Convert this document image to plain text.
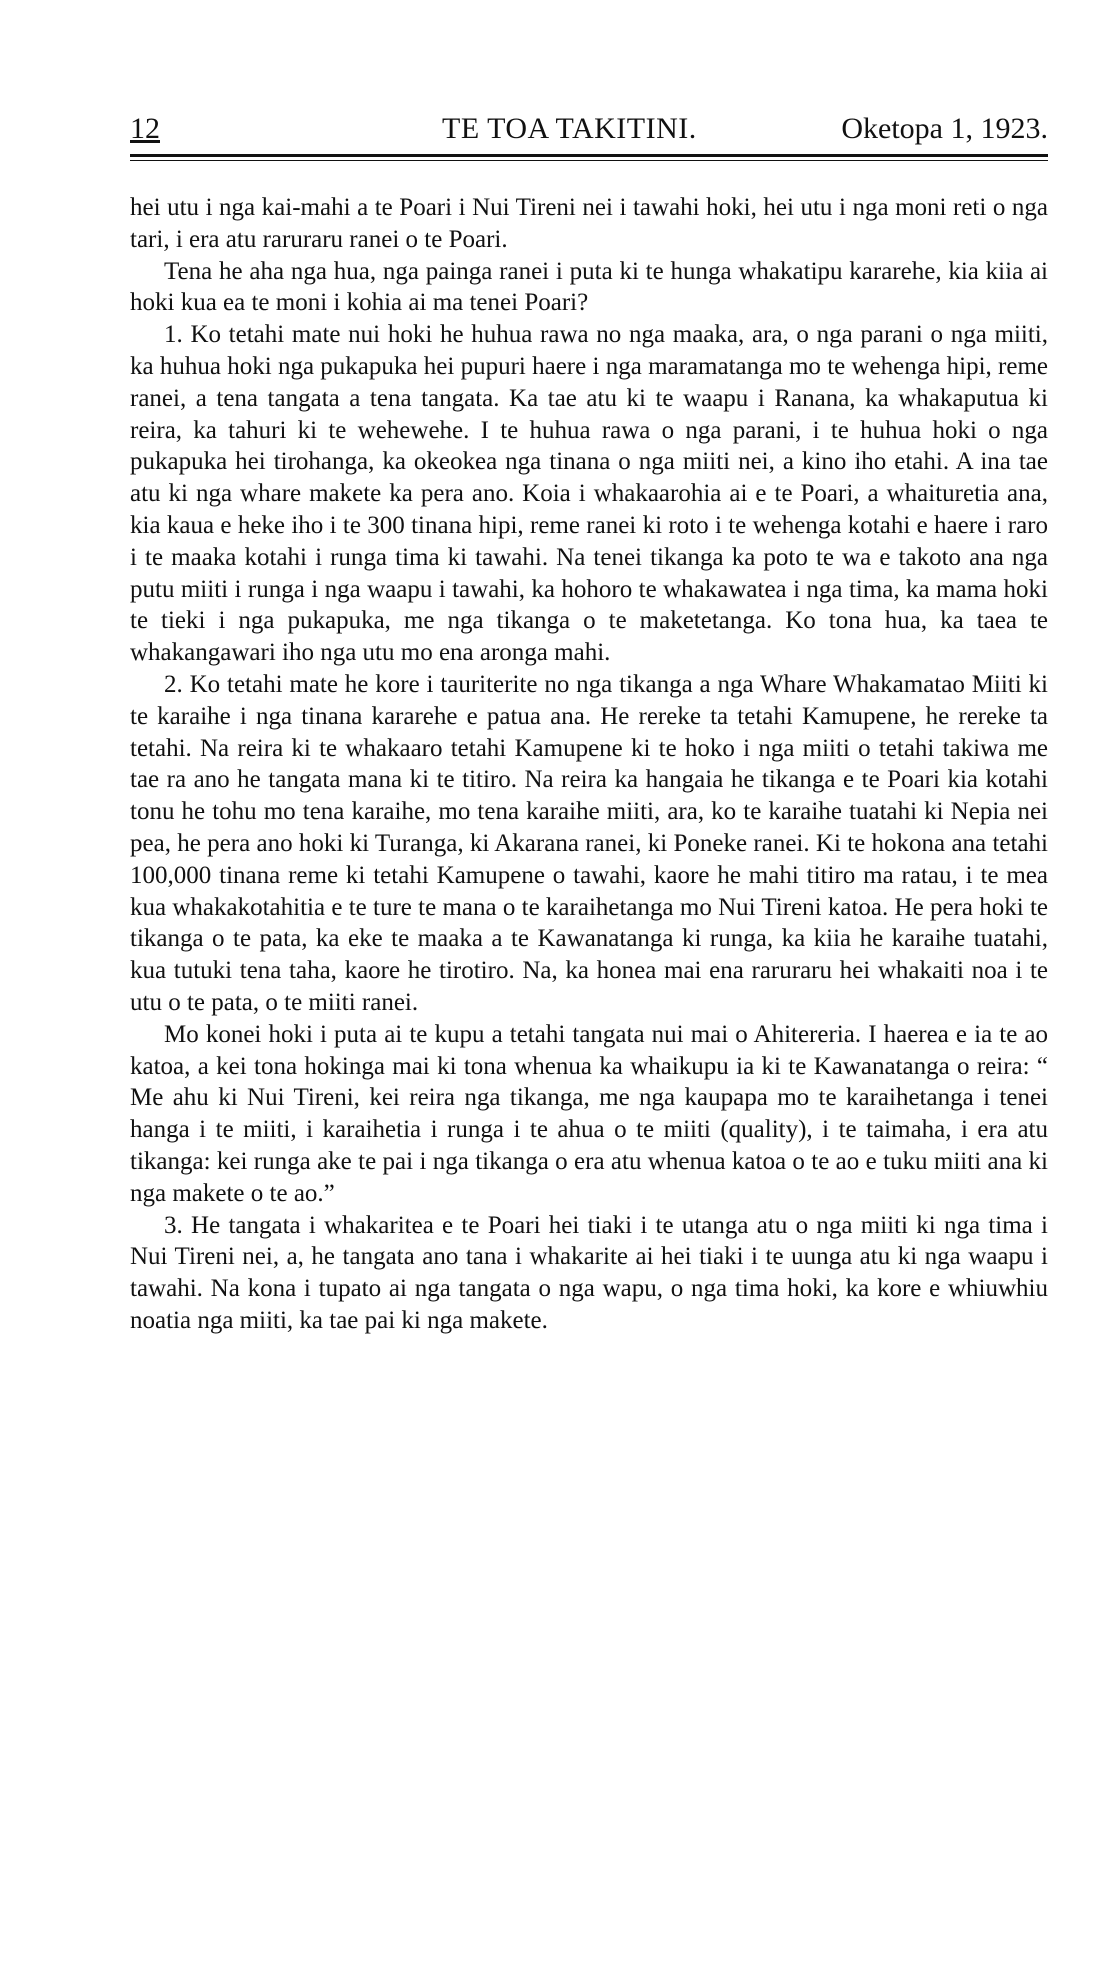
12	TE TOA TAKITINI.	Oketopa 1, 1923.

hei utu i nga kai-mahi a te Poari i Nui Tireni nei i tawahi hoki, hei utu i nga moni reti o nga tari, i era atu raruraru ranei o te Poari.

Tena he aha nga hua, nga painga ranei i puta ki te hunga whakatipu kararehe, kia kiia ai hoki kua ea te moni i kohia ai ma tenei Poari?

1. Ko tetahi mate nui hoki he huhua rawa no nga maaka, ara, o nga parani o nga miiti, ka huhua hoki nga pukapuka hei pupuri haere i nga maramatanga mo te wehenga hipi, reme ranei, a tena tangata a tena tangata. Ka tae atu ki te waapu i Ranana, ka whakaputua ki reira, ka tahuri ki te wehewehe. I te huhua rawa o nga parani, i te huhua hoki o nga pukapuka hei tirohanga, ka okeokea nga tinana o nga miiti nei, a kino iho etahi. A ina tae atu ki nga whare makete ka pera ano. Koia i whakaarohia ai e te Poari, a whaituretia ana, kia kaua e heke iho i te 300 tinana hipi, reme ranei ki roto i te wehenga kotahi e haere i raro i te maaka kotahi i runga tima ki tawahi. Na tenei tikanga ka poto te wa e takoto ana nga putu miiti i runga i nga waapu i tawahi, ka hohoro te whakawatea i nga tima, ka mama hoki te tieki i nga pukapuka, me nga tikanga o te maketetanga. Ko tona hua, ka taea te whakangawari iho nga utu mo ena aronga mahi.

2. Ko tetahi mate he kore i tauriterite no nga tikanga a nga Whare Whakamatao Miiti ki te karaihe i nga tinana kararehe e patua ana. He rereke ta tetahi Kamupene, he rereke ta tetahi. Na reira ki te whakaaro tetahi Kamupene ki te hoko i nga miiti o tetahi takiwa me tae ra ano he tangata mana ki te titiro. Na reira ka hangaia he tikanga e te Poari kia kotahi tonu he tohu mo tena karaihe, mo tena karaihe miiti, ara, ko te karaihe tuatahi ki Nepia nei pea, he pera ano hoki ki Turanga, ki Akarana ranei, ki Poneke ranei. Ki te hokona ana tetahi 100,000 tinana reme ki tetahi Kamupene o tawahi, kaore he mahi titiro ma ratau, i te mea kua whakakotahitia e te ture te mana o te karaihetanga mo Nui Tireni katoa. He pera hoki te tikanga o te pata, ka eke te maaka a te Kawanatanga ki runga, ka kiia he karaihe tuatahi, kua tutuki tena taha, kaore he tirotiro. Na, ka honea mai ena raruraru hei whakaiti noa i te utu o te pata, o te miiti ranei.

Mo konei hoki i puta ai te kupu a tetahi tangata nui mai o Ahitereria. I haerea e ia te ao katoa, a kei tona hokinga mai ki tona whenua ka whaikupu ia ki te Kawanatanga o reira: “ Me ahu ki Nui Tireni, kei reira nga tikanga, me nga kaupapa mo te karaihetanga i tenei hanga i te miiti, i karaihetia i runga i te ahua o te miiti (quality), i te taimaha, i era atu tikanga: kei runga ake te pai i nga tikanga o era atu whenua katoa o te ao e tuku miiti ana ki nga makete o te ao.”

3. He tangata i whakaritea e te Poari hei tiaki i te utanga atu o nga miiti ki nga tima i Nui Tireni nei, a, he tangata ano tana i whakarite ai hei tiaki i te uunga atu ki nga waapu i tawahi. Na kona i tupato ai nga tangata o nga wapu, o nga tima hoki, ka kore e whiuwhiu noatia nga miiti, ka tae pai ki nga makete.
